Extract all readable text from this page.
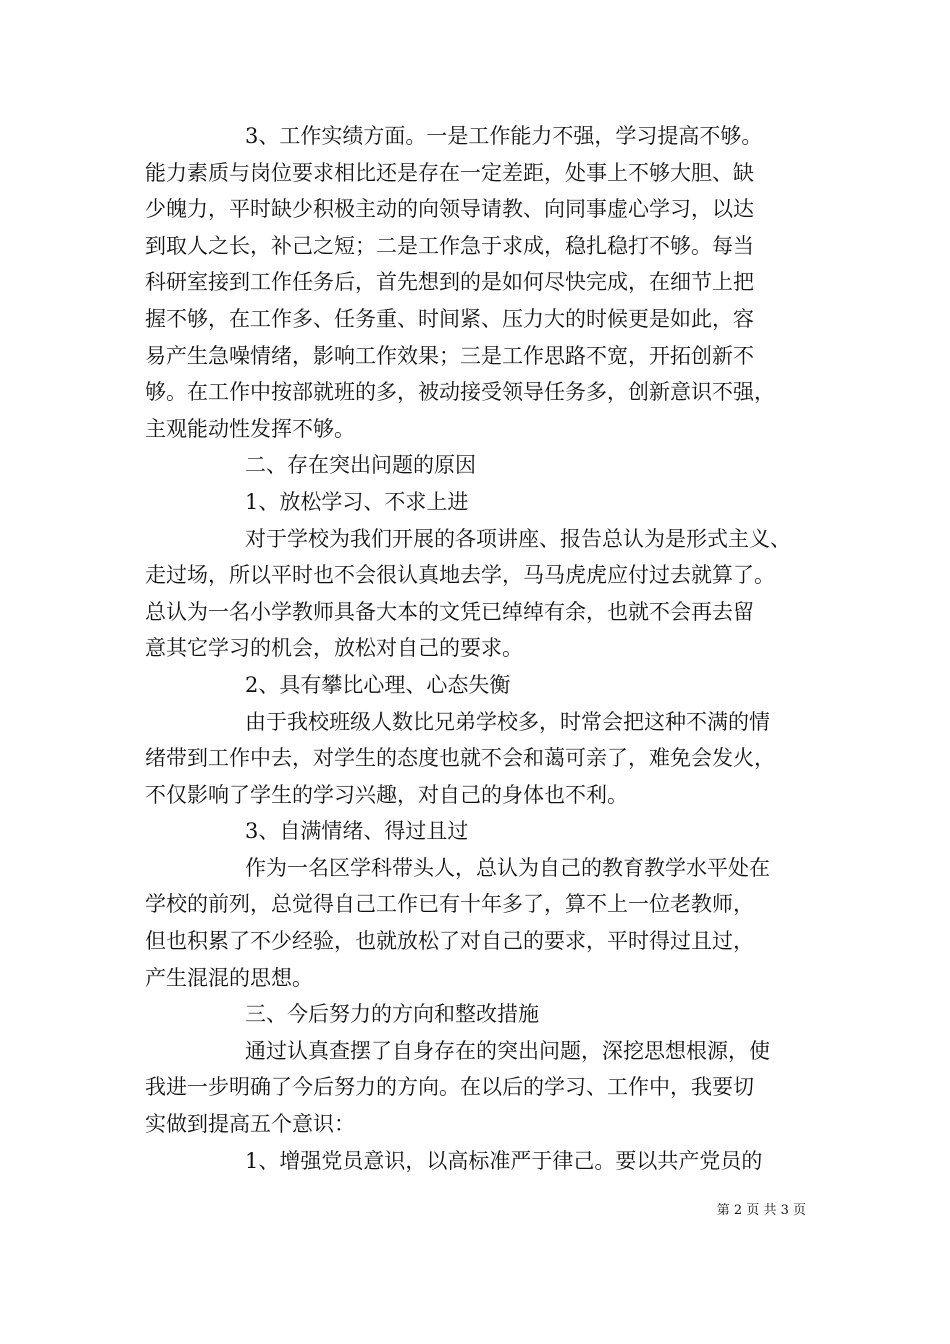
3、工作实绩方面。一是工作能力不强，学习提高不够。
能力素质与岗位要求相比还是存在一定差距，处事上不够大胆、缺
少魄力，平时缺少积极主动的向领导请教、向同事虚心学习，以达
到取人之长，补己之短；二是工作急于求成，稳扎稳打不够。每当
科研室接到工作任务后，首先想到的是如何尽快完成，在细节上把
握不够，在工作多、任务重、时间紧、压力大的时候更是如此，容
易产生急噪情绪，影响工作效果；三是工作思路不宽，开拓创新不
够。在工作中按部就班的多，被动接受领导任务多，创新意识不强，
主观能动性发挥不够。
二、存在突出问题的原因
1、放松学习、不求上进
对于学校为我们开展的各项讲座、报告总认为是形式主义、
走过场，所以平时也不会很认真地去学，马马虎虎应付过去就算了。
总认为一名小学教师具备大本的文凭已绰绰有余，也就不会再去留
意其它学习的机会，放松对自己的要求。
2、具有攀比心理、心态失衡
由于我校班级人数比兄弟学校多，时常会把这种不满的情
绪带到工作中去，对学生的态度也就不会和蔼可亲了，难免会发火，
不仅影响了学生的学习兴趣，对自己的身体也不利。
3、自满情绪、得过且过
作为一名区学科带头人，总认为自己的教育教学水平处在
学校的前列，总觉得自己工作已有十年多了，算不上一位老教师，
但也积累了不少经验，也就放松了对自己的要求，平时得过且过，
产生混混的思想。
三、今后努力的方向和整改措施
通过认真查摆了自身存在的突出问题，深挖思想根源，使
我进一步明确了今后努力的方向。在以后的学习、工作中，我要切
实做到提高五个意识：
1、增强党员意识，以高标准严于律己。要以共产党员的
第 2 页 共 3 页
